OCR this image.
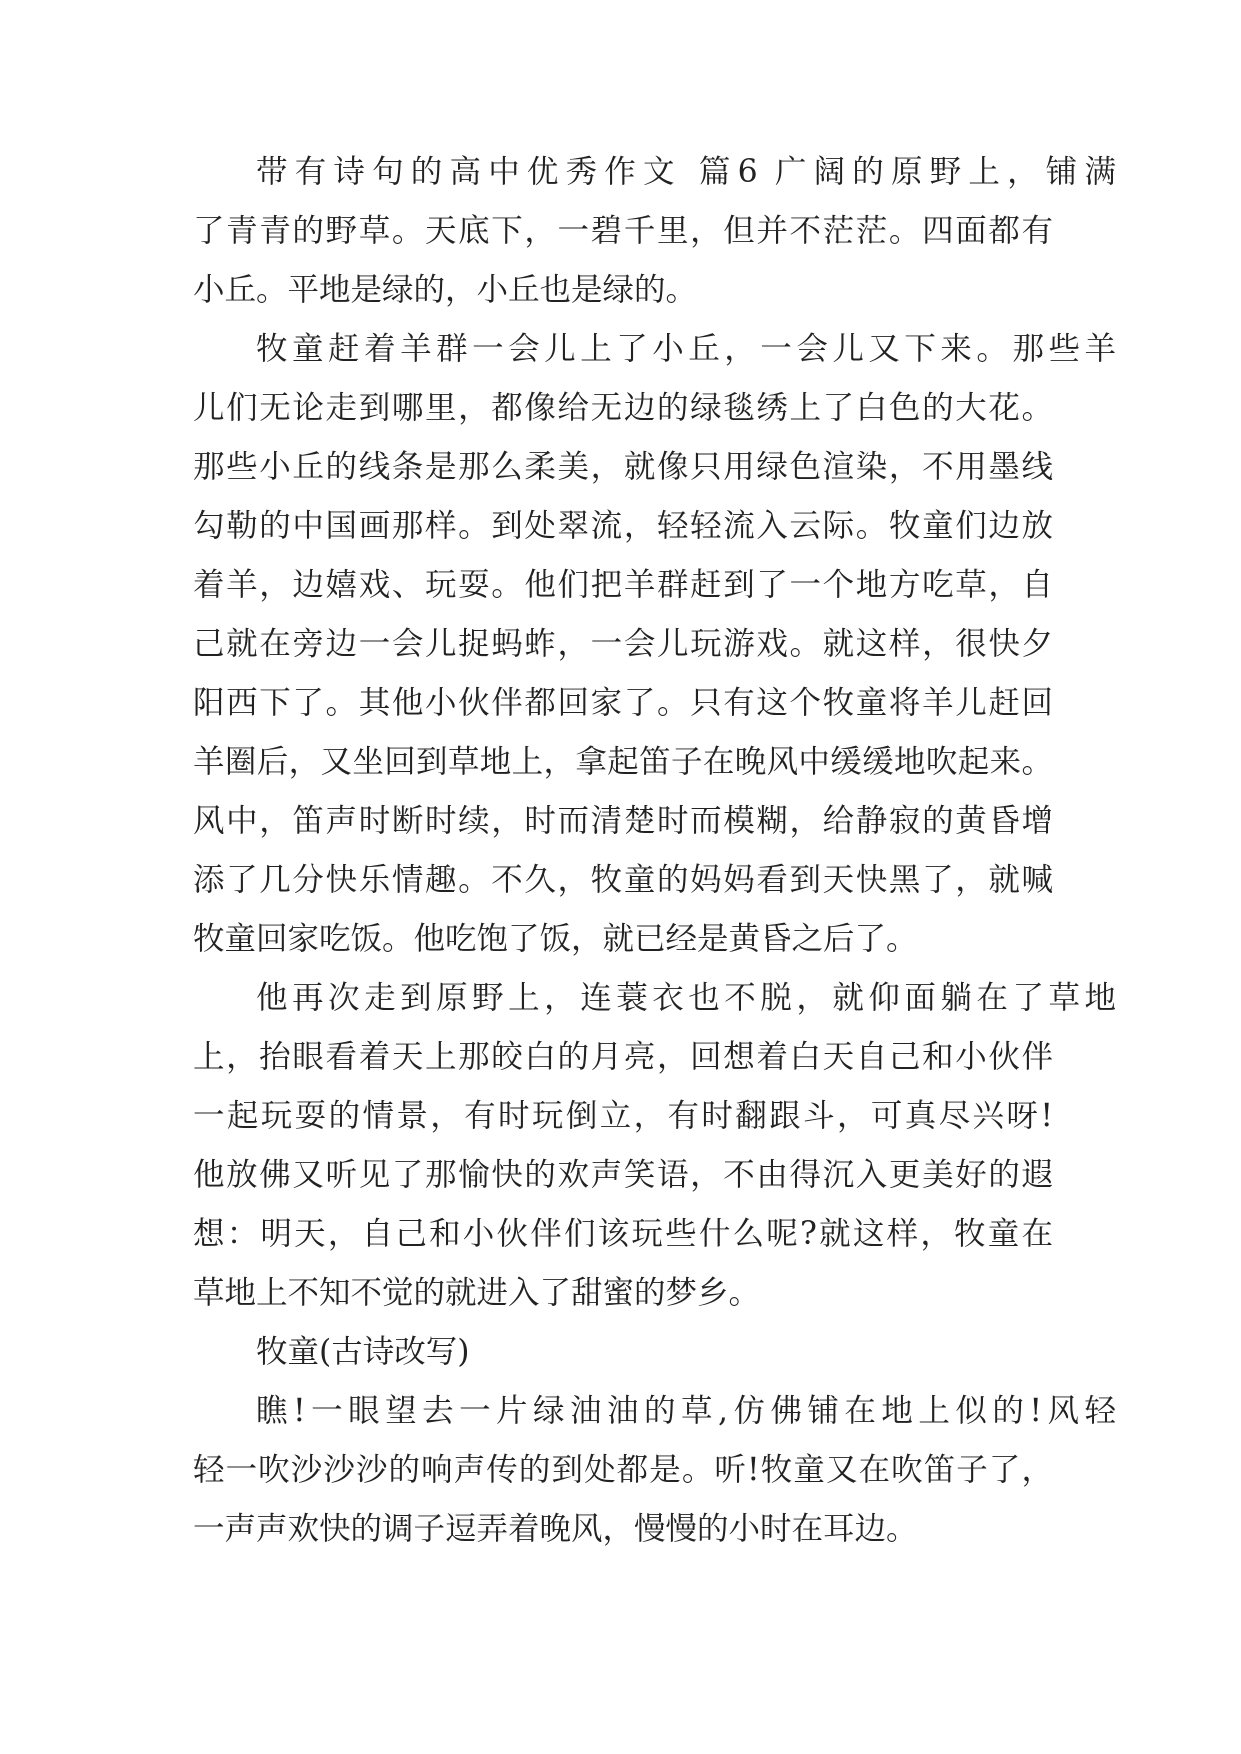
带有诗句的高中优秀作文 篇6 广阔的原野上，铺满
了青青的野草。天底下，一碧千里，但并不茫茫。四面都有
小丘。平地是绿的，小丘也是绿的。
牧童赶着羊群一会儿上了小丘，一会儿又下来。那些羊
儿们无论走到哪里，都像给无边的绿毯绣上了白色的大花。
那些小丘的线条是那么柔美，就像只用绿色渲染，不用墨线
勾勒的中国画那样。到处翠流，轻轻流入云际。牧童们边放
着羊，边嬉戏、玩耍。他们把羊群赶到了一个地方吃草，自
己就在旁边一会儿捉蚂蚱，一会儿玩游戏。就这样，很快夕
阳西下了。其他小伙伴都回家了。只有这个牧童将羊儿赶回
羊圈后，又坐回到草地上，拿起笛子在晚风中缓缓地吹起来。
风中，笛声时断时续，时而清楚时而模糊，给静寂的黄昏增
添了几分快乐情趣。不久，牧童的妈妈看到天快黑了，就喊
牧童回家吃饭。他吃饱了饭，就已经是黄昏之后了。
他再次走到原野上，连蓑衣也不脱，就仰面躺在了草地
上，抬眼看着天上那皎白的月亮，回想着白天自己和小伙伴
一起玩耍的情景，有时玩倒立，有时翻跟斗，可真尽兴呀!
他放佛又听见了那愉快的欢声笑语，不由得沉入更美好的遐
想：明天，自己和小伙伴们该玩些什么呢?就这样，牧童在
草地上不知不觉的就进入了甜蜜的梦乡。
牧童(古诗改写)
瞧!一眼望去一片绿油油的草,仿佛铺在地上似的!风轻
轻一吹沙沙沙的响声传的到处都是。听!牧童又在吹笛子了，
一声声欢快的调子逗弄着晚风，慢慢的小时在耳边。
